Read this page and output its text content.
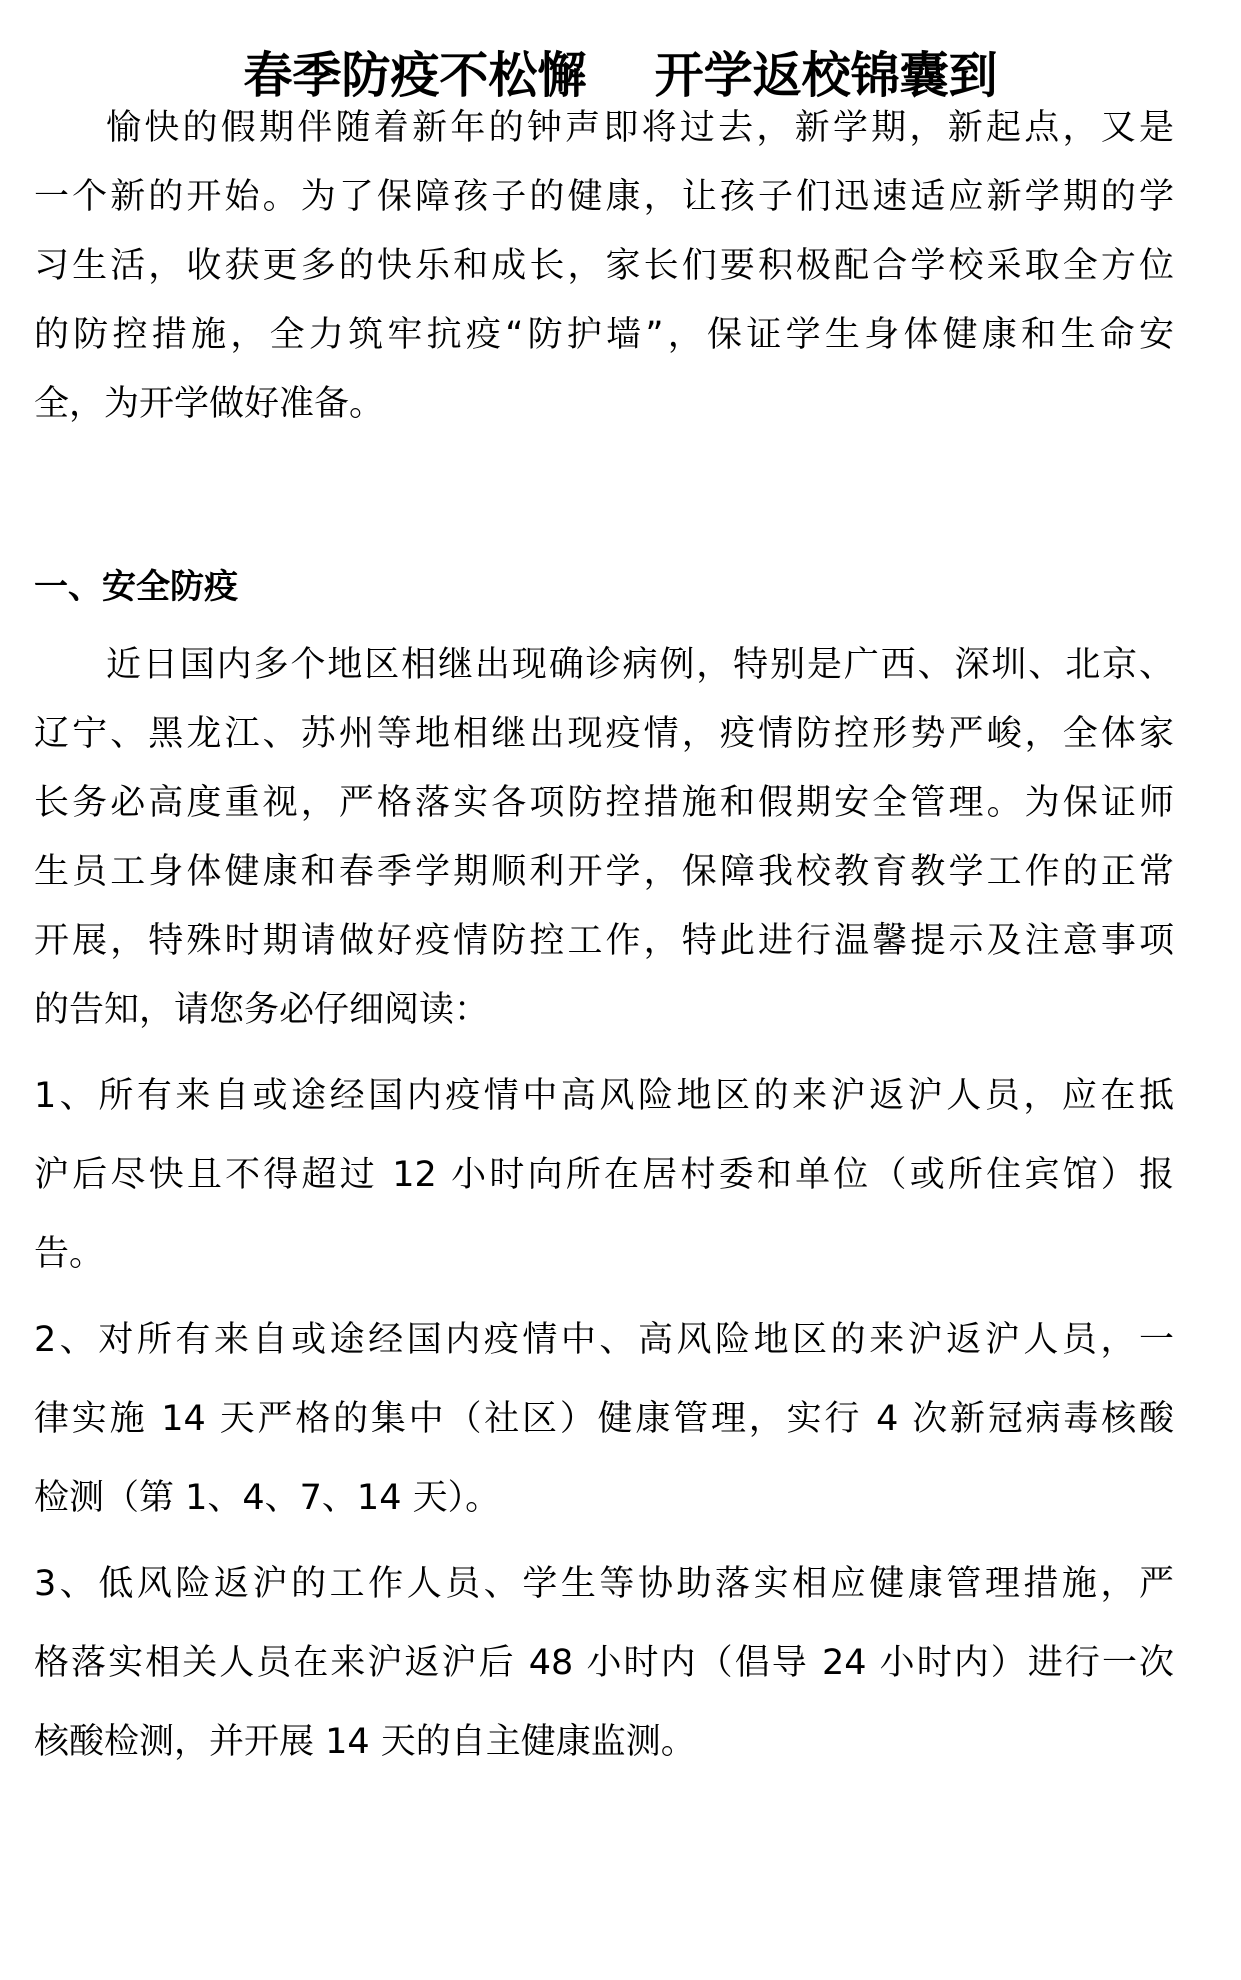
春季防疫不松懈    开学返校锦囊到
愉快的假期伴随着新年的钟声即将过去，新学期，新起点，又是
一个新的开始。为了保障孩子的健康，让孩子们迅速适应新学期的学
习生活，收获更多的快乐和成长，家长们要积极配合学校采取全方位
的防控措施，全力筑牢抗疫“防护墙”，保证学生身体健康和生命安
全，为开学做好准备。
一、安全防疫
近日国内多个地区相继出现确诊病例，特别是广西、深圳、北京、
辽宁、黑龙江、苏州等地相继出现疫情，疫情防控形势严峻，全体家
长务必高度重视，严格落实各项防控措施和假期安全管理。为保证师
生员工身体健康和春季学期顺利开学，保障我校教育教学工作的正常
开展，特殊时期请做好疫情防控工作，特此进行温馨提示及注意事项
的告知，请您务必仔细阅读：
1、所有来自或途经国内疫情中高风险地区的来沪返沪人员，应在抵
沪后尽快且不得超过 12 小时向所在居村委和单位（或所住宾馆）报
告。
2、对所有来自或途经国内疫情中、高风险地区的来沪返沪人员，一
律实施 14 天严格的集中（社区）健康管理，实行 4 次新冠病毒核酸
检测（第 1、4、7、14 天）。
3、低风险返沪的工作人员、学生等协助落实相应健康管理措施，严
格落实相关人员在来沪返沪后 48 小时内（倡导 24 小时内）进行一次
核酸检测，并开展 14 天的自主健康监测。
